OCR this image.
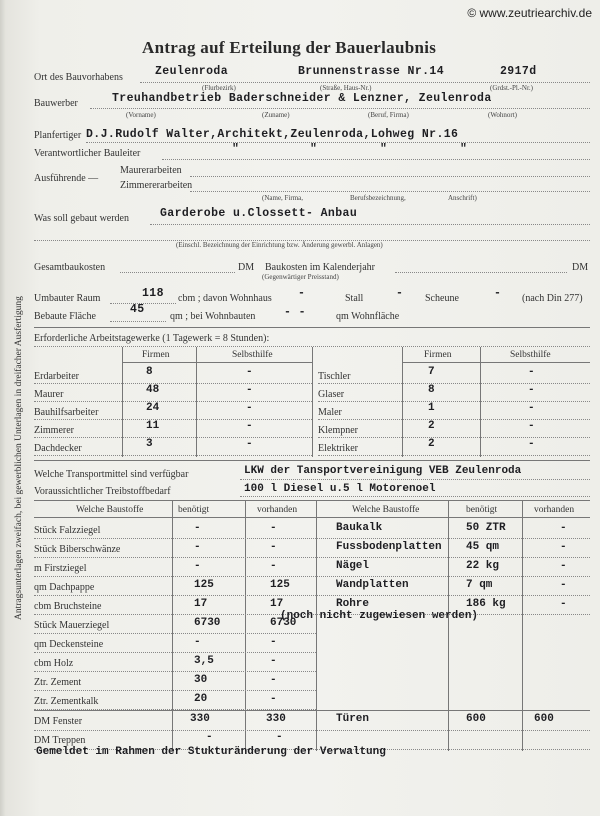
© www.zeutriearchiv.de
Antrag auf Erteilung der Bauerlaubnis
Antragsunterlagen zweifach, bei gewerblichen Unterlagen in dreifacher Ausfertigung
Ort des Bauvorhabens	Zeulenroda	Brunnenstrasse Nr.14	2917d
(Flurbezirk)	(Straße, Haus-Nr.)	(Grdst.-Pl.-Nr.)
Bauwerber	Treuhandbetrieb Baderschneider & Lenzner, Zeulenroda
(Vorname)	(Zuname)	(Beruf, Firma)	(Wohnort)
Planfertiger D.J.Rudolf Walter,Architekt,Zeulenroda,Lohweg Nr.16
Verantwortlicher Bauleiter	"	"	"	"
Ausführende —
Maurerarbeiten
Zimmererarbeiten
(Name, Firma,	Berufsbezeichnung,	Anschrift)
Was soll gebaut werden	Garderobe u.Clossett- Anbau
(Einschl. Bezeichnung der Einrichtung bzw. Änderung gewerbl. Anlagen)
Gesamtbaukosten	DM Baukosten im Kalenderjahr	DM
(Gegenwärtiger Preisstand)
Umbauter Raum	118 cbm ; davon Wohnhaus -	Stall	- Scheune	- (nach Din 277)
Bebaute Fläche
45
qm ; bei Wohnbauten - -	qm Wohnfläche
Erforderliche Arbeitstagewerke (1 Tagewerk = 8 Stunden):
Firmen	Selbsthilfe	Firmen	Selbsthilfe
Erdarbeiter	8	-
Maurer	48	-
Bauhilfsarbeiter	24	-
Zimmerer	11	-
Dachdecker	3	-
Tischler	7	-
Glaser	8	-
Maler	1	-
Klempner	2	-
Elektriker	2	-
Welche Transportmittel sind verfügbar	LKW der Tansportvereinigung VEB Zeulenroda
Voraussichtlicher Treibstoffbedarf	100 l Diesel u.5 l Motorenoel
Welche Baustoffe	benötigt	vorhanden	Welche Baustoffe	benötigt	vorhanden
Stück Falzziegel	-	-
Stück Biberschwänze	-	-
m Firstziegel	-	-
qm Dachpappe	125	125
cbm Bruchsteine	17	17
Stück Mauerziegel	6730	6730
qm Deckensteine	-	-
cbm Holz	3,5	-
Ztr. Zement	30	-
Ztr. Zementkalk	20	-
Baukalk	50 ZTR	-
Fussbodenplatten 45 qm	-
Nägel	22 kg	-
Wandplatten	7 qm	-
Rohre	186 kg	-
(noch nicht zugewiesen werden)
DM Fenster	330	330	Türen	600	600
DM Treppen	-	-
Gemeldet im Rahmen der Stukturänderung der Verwaltung
